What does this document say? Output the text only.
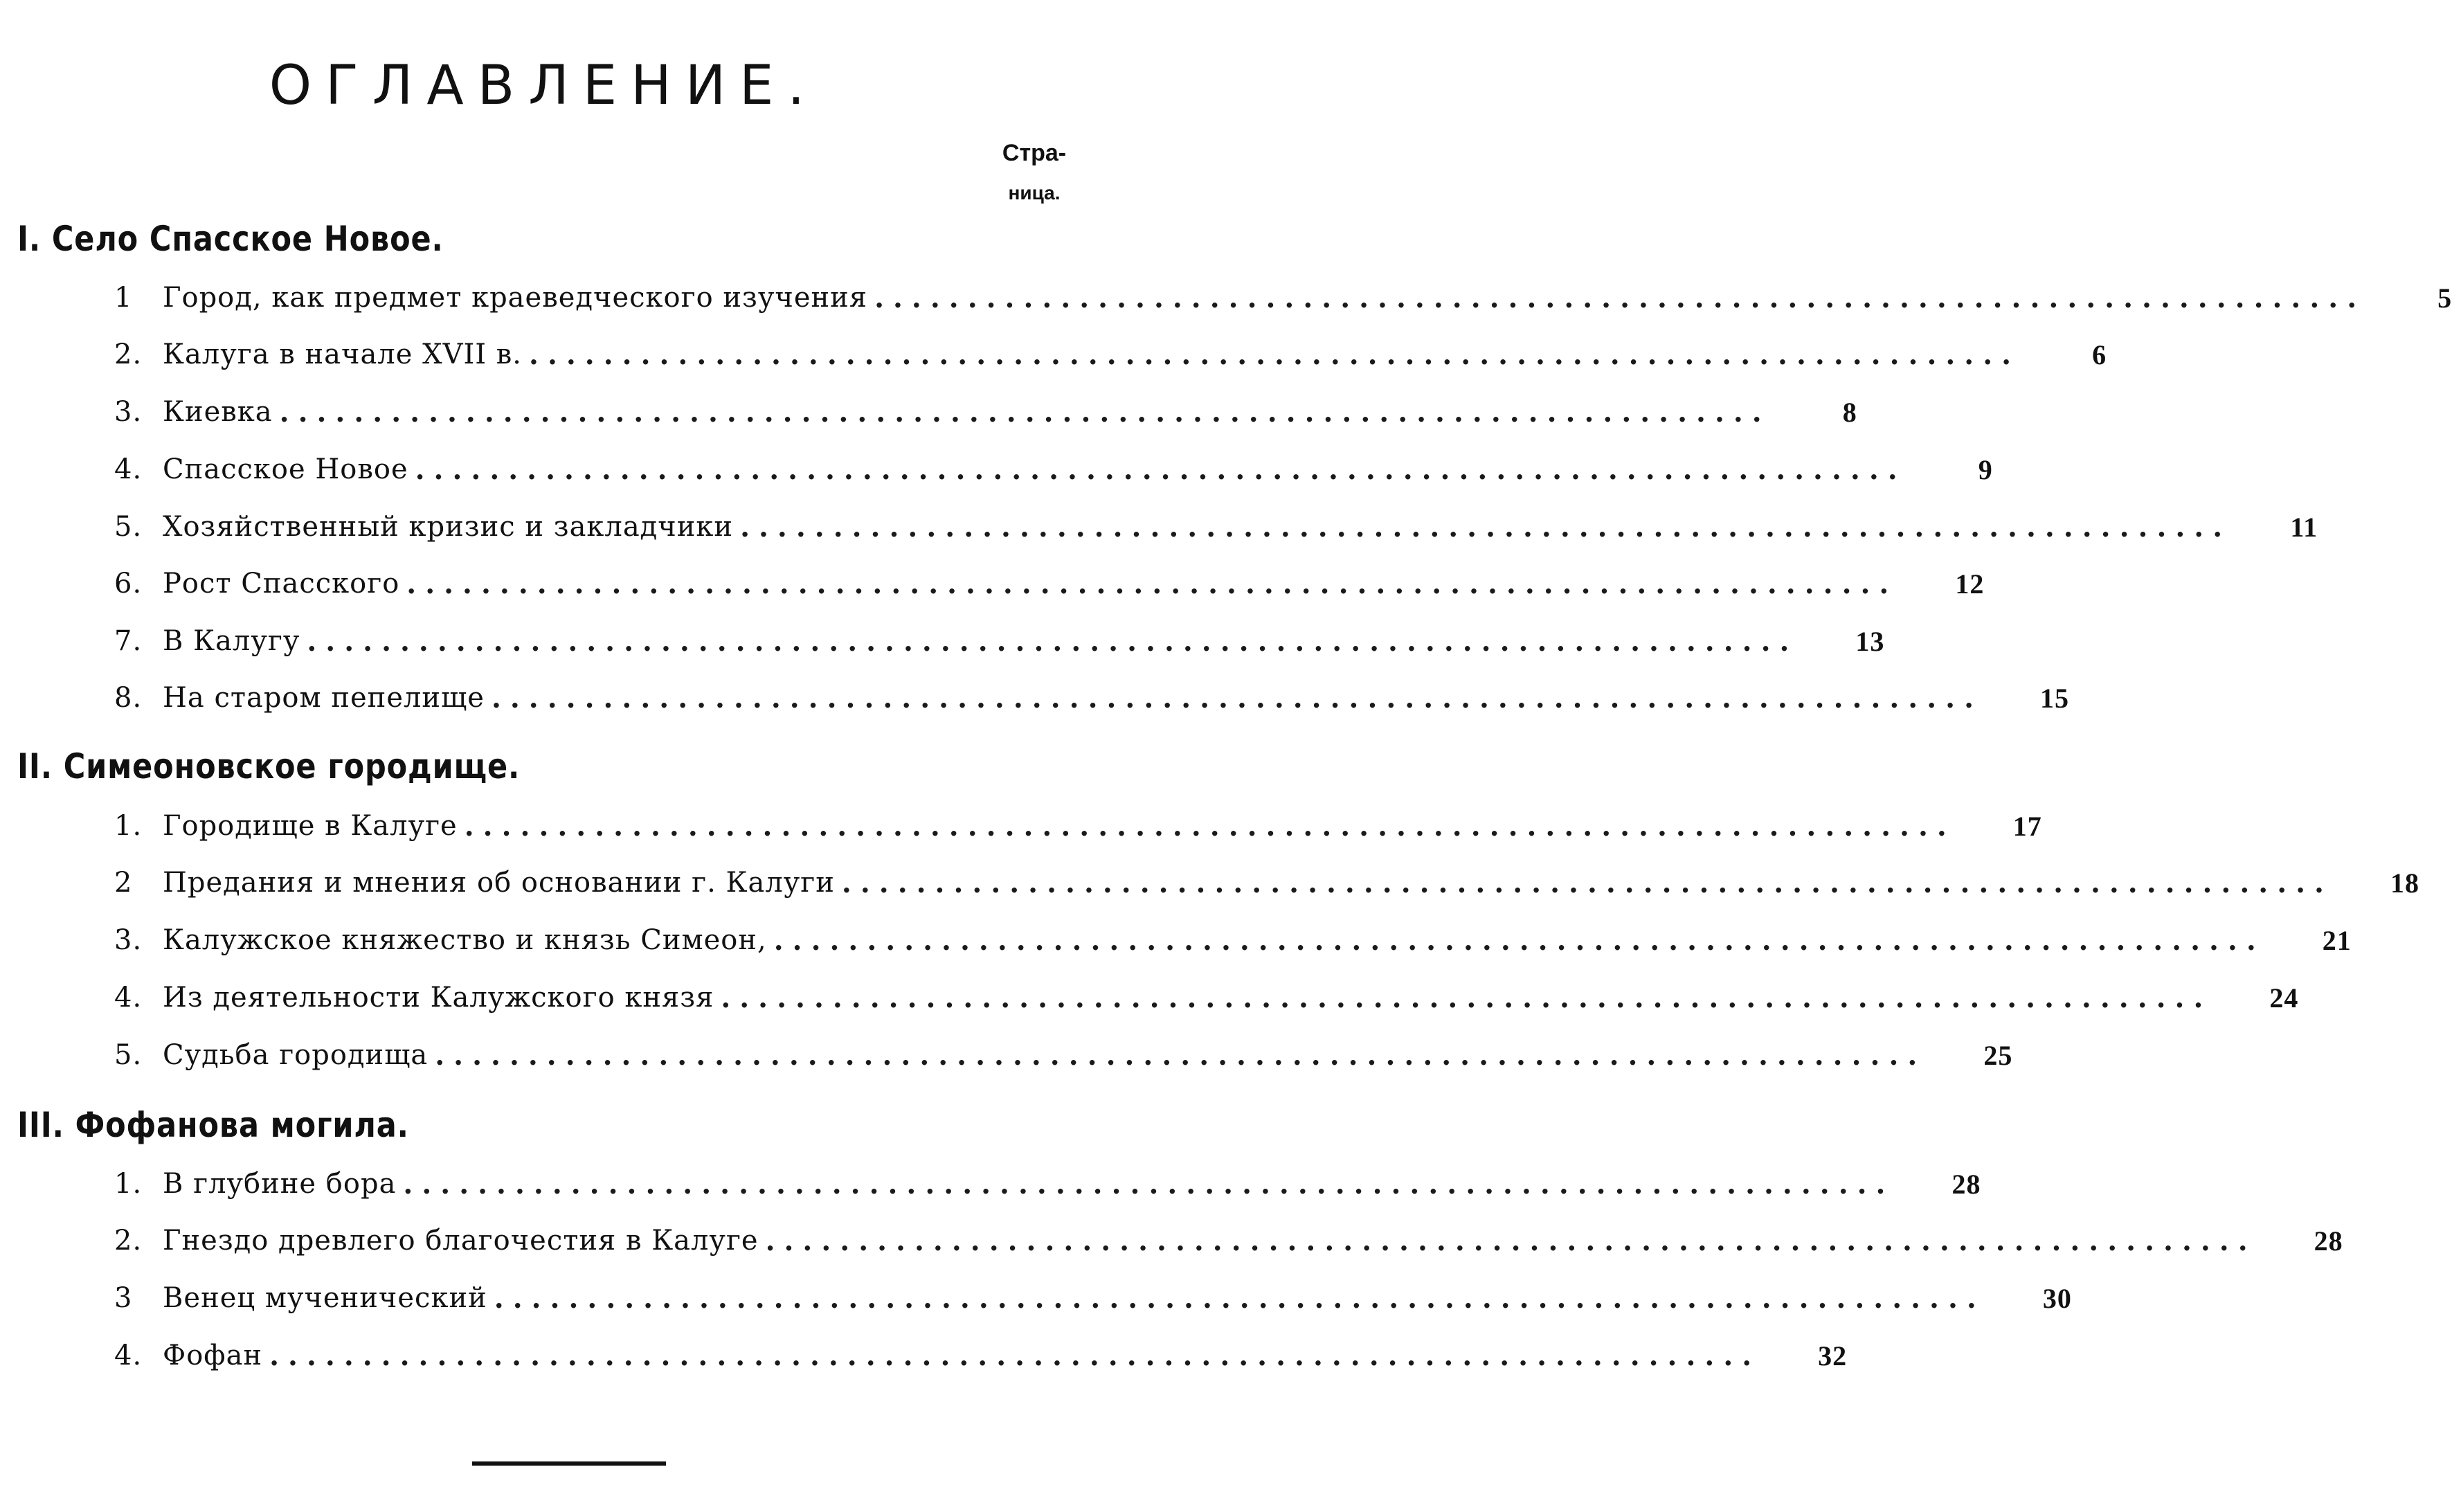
ОГЛАВЛЕНИЕ.
Стра-
ница.
I. Село Спасское Новое.
1	Город, как предмет краеведческого изучения ................................................................................	5
2. Калуга в начале XVII в. ................................................................................	6
3. Киевка ................................................................................	8
4. Спасское Новое ................................................................................	9
5. Хозяйственный кризис и закладчики ................................................................................	11
6. Рост Спасского ................................................................................	12
7. В Калугу ................................................................................	13
8. На старом пепелище ................................................................................	15
II. Симеоновское городище.
1. Городище в Калуге ................................................................................	17
2	Предания и мнения об основании г. Калуги ................................................................................	18
3. Калужское княжество и князь Симеон, ................................................................................	21
4. Из деятельности Калужского князя ................................................................................	24
5. Судьба городища ................................................................................	25
III. Фофанова могила.
1. В глубине бора ................................................................................	28
2. Гнездо древлего благочестия в Калуге ................................................................................	28
3	Венец мученический ................................................................................	30
4. Фофан ................................................................................	32
